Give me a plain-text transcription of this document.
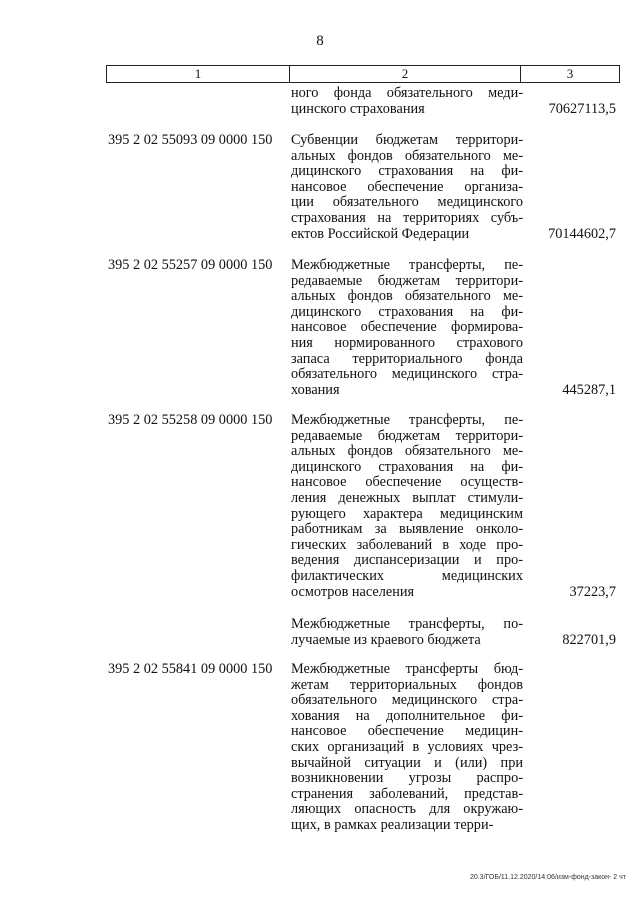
8
1	2	3
ного фонда обязательного меди-
цинского страхования	70627113,5
395 2 02 55093 09 0000 150 Субвенции бюджетам территори-
альных фондов обязательного ме-
дицинского страхования на фи-
нансовое обеспечение организа-
ции обязательного медицинского
страхования на территориях субъ-
ектов Российской Федерации	70144602,7
395 2 02 55257 09 0000 150 Межбюджетные трансферты, пе-
редаваемые бюджетам территори-
альных фондов обязательного ме-
дицинского страхования на фи-
нансовое обеспечение формирова-
ния нормированного страхового
запаса территориального фонда
обязательного медицинского стра-
хования	445287,1
395 2 02 55258 09 0000 150 Межбюджетные трансферты, пе-
редаваемые бюджетам территори-
альных фондов обязательного ме-
дицинского страхования на фи-
нансовое обеспечение осуществ-
ления денежных выплат стимули-
рующего характера медицинским
работникам за выявление онколо-
гических заболеваний в ходе про-
ведения диспансеризации и про-
филактических медицинских
осмотров населения	37223,7
Межбюджетные трансферты, по-
лучаемые из краевого бюджета	822701,9
395 2 02 55841 09 0000 150 Межбюджетные трансферты бюд-
жетам территориальных фондов
обязательного медицинского стра-
хования на дополнительное фи-
нансовое обеспечение медицин-
ских организаций в условиях чрез-
вычайной ситуации и (или) при
возникновении угрозы распро-
странения заболеваний, представ-
ляющих опасность для окружаю-
щих, в рамках реализации терри-
20.3/ГОБ/11.12.2020/14:06/изм-фонд-закон- 2 чт
